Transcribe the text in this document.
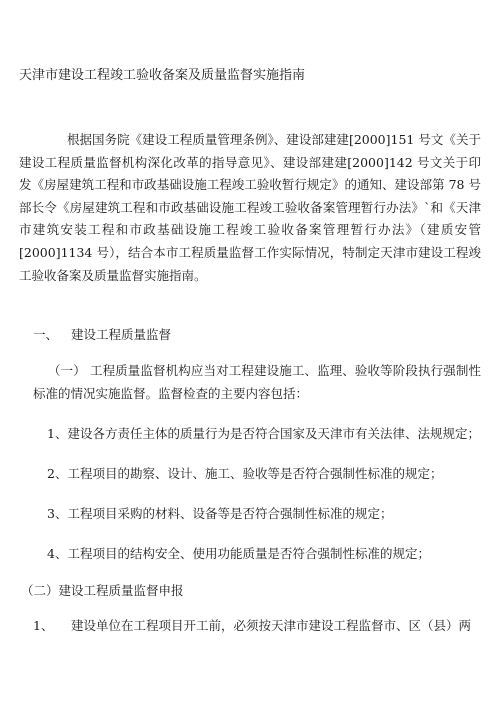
天津市建设工程竣工验收备案及质量监督实施指南

根据国务院《建设工程质量管理条例》、建设部建建[2000]151 号文《关于建设工程质量监督机构深化改革的指导意见》、建设部建建[2000]142 号文关于印发《房屋建筑工程和市政基础设施工程竣工验收暂行规定》的通知、建设部第 78 号部长令《房屋建筑工程和市政基础设施工程竣工验收备案管理暂行办法》`和《天津市建筑安装工程和市政基础设施工程竣工验收备案管理暂行办法》（建质安管[2000]1134 号），结合本市工程质量监督工作实际情况，特制定天津市建设工程竣工验收备案及质量监督实施指南。

一、 建设工程质量监督

（一） 工程质量监督机构应当对工程建设施工、监理、验收等阶段执行强制性标准的情况实施监督。监督检查的主要内容包括：

1、建设各方责任主体的质量行为是否符合国家及天津市有关法律、法规规定；
2、工程项目的勘察、设计、施工、验收等是否符合强制性标准的规定；
3、工程项目采购的材料、设备等是否符合强制性标准的规定；
4、工程项目的结构安全、使用功能质量是否符合强制性标准的规定；
（二）建设工程质量监督申报
1、 建设单位在工程项目开工前，必须按天津市建设工程监督市、区（县）两
